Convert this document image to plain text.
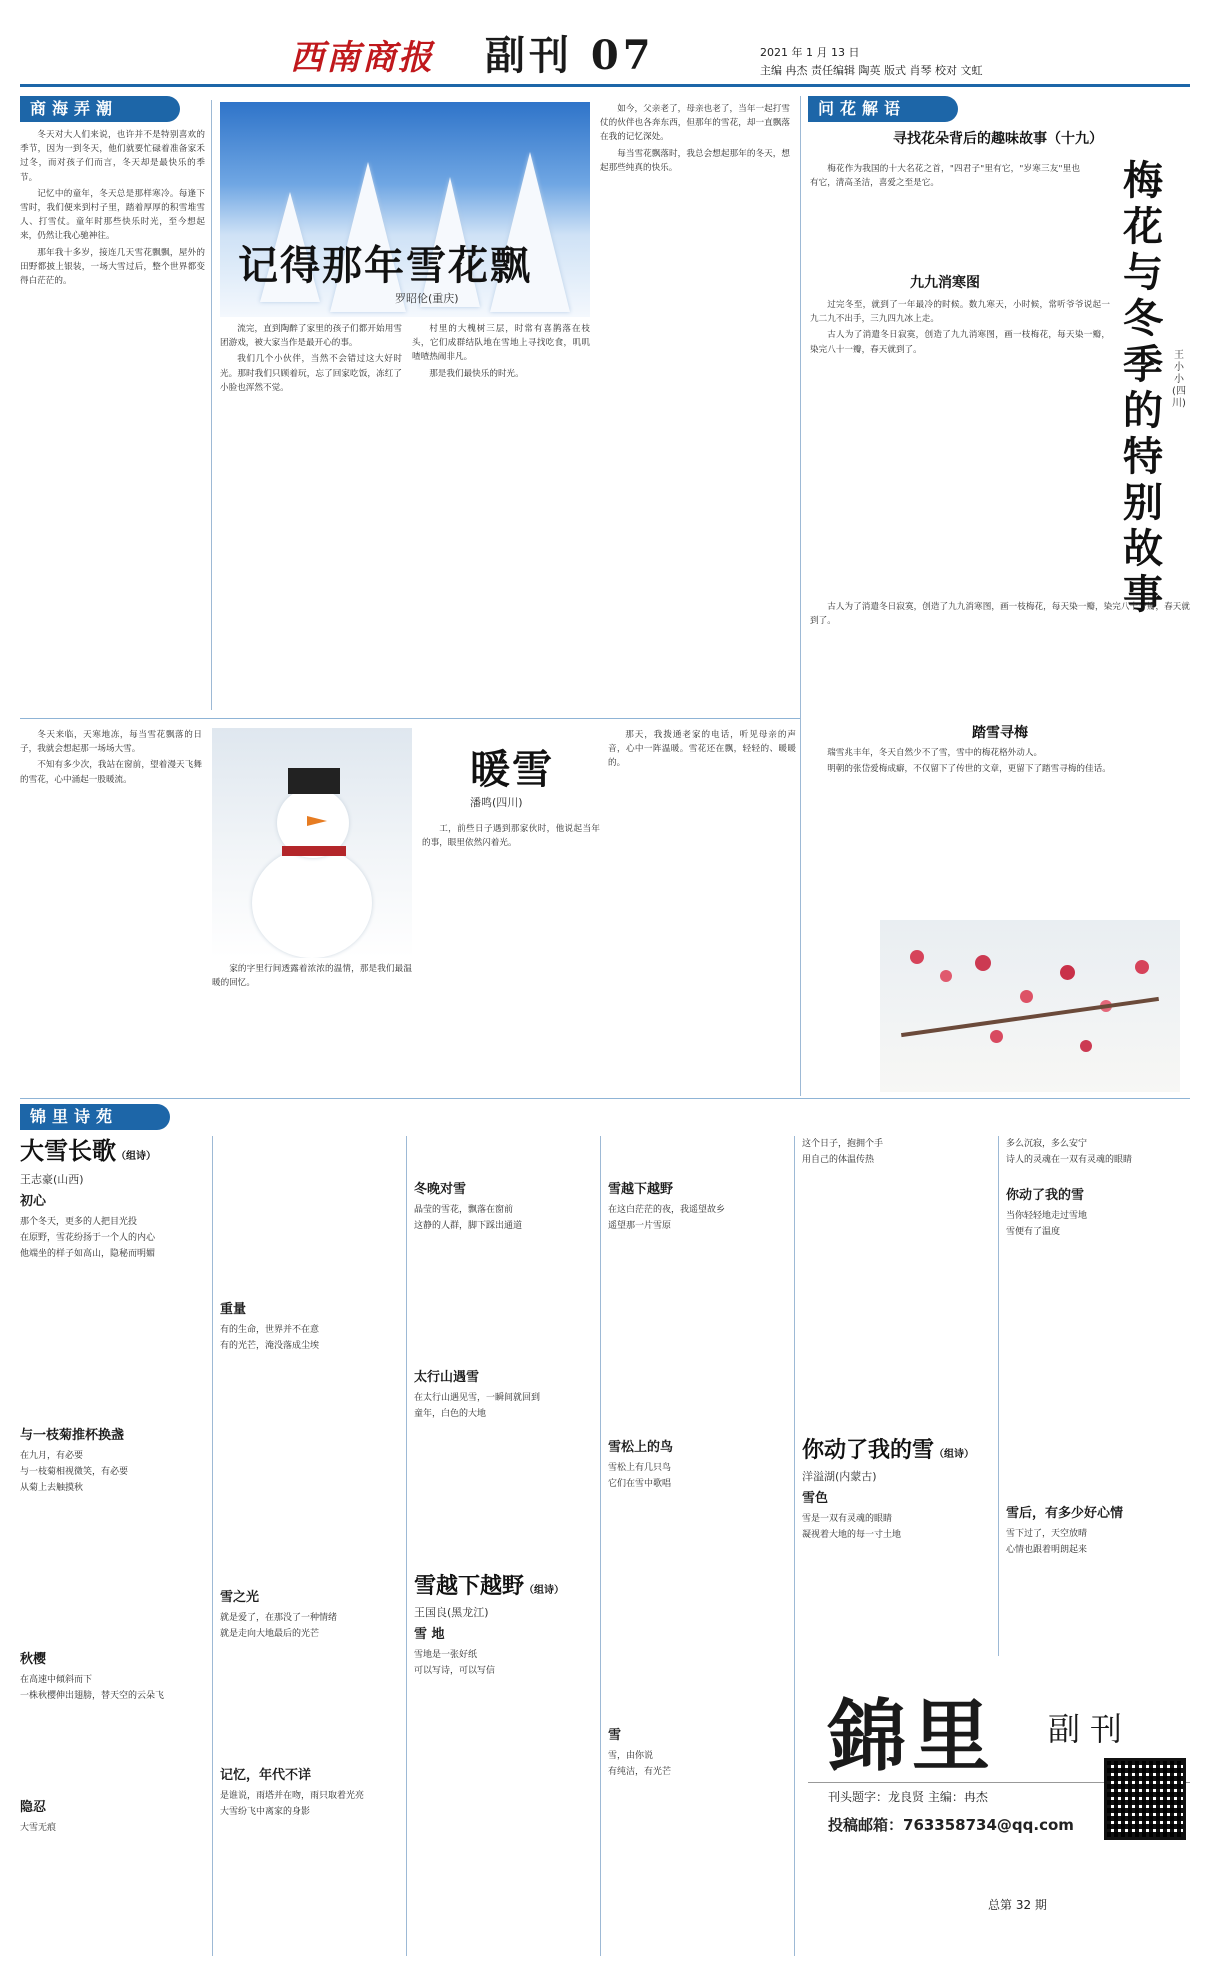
西南商报	副刊 07	2021 年 1 月 13 日
主编 冉杰 责任编辑 陶英 版式 肖琴 校对 文虹
商海弄潮
记得那年雪花飘
罗昭伦(重庆)

冬天对大人们来说，也许并不是特别喜欢的季节，因为一到冬天，他们就要忙碌着准备家禾过冬，而对孩子们而言，冬天却是最快乐的季节。

记忆中的童年，冬天总是那样寒冷。每逢下雪时，我们便来到村子里，踏着厚厚的积雪堆雪人、打雪仗。童年时那些快乐时光，至今想起来，仍然让我心驰神往。

那年我十多岁，接连几天雪花飘飘，屋外的田野都披上银装，一场大雪过后，整个世界都变得白茫茫的。

流完，直到陶醉了家里的孩子们都开始用雪团游戏，被大家当作是最开心的事。

我们几个小伙伴，当然不会错过这大好时光。那时我们只顾着玩，忘了回家吃饭，冻红了小脸也浑然不觉。

村里的大槐树三层，时常有喜鹊落在枝头，它们成群结队地在雪地上寻找吃食，叽叽喳喳热闹非凡。

那是我们最快乐的时光。

如今，父亲老了，母亲也老了，当年一起打雪仗的伙伴也各奔东西，但那年的雪花，却一直飘落在我的记忆深处。

每当雪花飘落时，我总会想起那年的冬天，想起那些纯真的快乐。

问花解语
寻找花朵背后的趣味故事（十九）

梅花作为我国的十大名花之首，"四君子"里有它，"岁寒三友"里也有它，清高圣洁，喜爱之至是它。	梅花与冬季的特别故事
王小小(四川)
九九消寒图

过完冬至，就到了一年最冷的时候。数九寒天，小时候，常听爷爷说起一九二九不出手，三九四九冰上走。

古人为了消遣冬日寂寞，创造了九九消寒图，画一枝梅花，每天染一瓣，染完八十一瓣，春天就到了。

古人为了消遣冬日寂寞，创造了九九消寒图，画一枝梅花，每天染一瓣，染完八十一瓣，春天就到了。

踏雪寻梅

瑞雪兆丰年，冬天自然少不了雪，雪中的梅花格外动人。

明朝的张岱爱梅成癖，不仅留下了传世的文章，更留下了踏雪寻梅的佳话。

冬天来临，天寒地冻，每当雪花飘落的日子，我就会想起那一场场大雪。

不知有多少次，我站在窗前，望着漫天飞舞的雪花，心中涌起一股暖流。

家的字里行间透露着浓浓的温情，那是我们最温暖的回忆。

暖雪
潘鸣(四川)

工，前些日子遇到那家伙时，他说起当年的事，眼里依然闪着光。

那天，我拨通老家的电话，听见母亲的声音，心中一阵温暖。雪花还在飘，轻轻的、暖暖的。

锦里诗苑
大雪长歌（组诗）
王志豪(山西)
初心
那个冬天，更多的人把目光投
在原野，雪花纷扬于一个人的内心
他端坐的样子如高山，隐秘而明媚
与一枝菊推杯换盏
在九月，有必要
与一枝菊相视微笑，有必要
从菊上去触摸秋
秋樱
在高速中傾斜而下
一株秋樱伸出翅膀，替天空的云朵飞
隐忍
大雪无痕
重量
有的生命，世界并不在意
有的光芒，淹没落成尘埃
雪之光
就是爱了，在那没了一种情绪
就是走向大地最后的光芒
记忆，年代不详
是谁说，雨塔并在吻，雨只取着光亮
大雪纷飞中离家的身影
冬晚对雪
晶莹的雪花，飘落在窗前
这静的人群，脚下踩出通道
太行山遇雪
在太行山遇见雪，一瞬间就回到
童年，白色的大地
雪越下越野（组诗）
王国良(黑龙江)
雪 地
雪地是一张好纸
可以写诗，可以写信
雪越下越野
在这白茫茫的夜，我遥望故乡
遥望那一片雪原
雪松上的鸟
雪松上有几只鸟
它们在雪中歌唱
雪
雪，由你说
有纯洁，有光芒
这个日子，抱拥个手
用自己的体温传热
你动了我的雪（组诗）
洋溢湖(内蒙古)
雪色
雪是一双有灵魂的眼睛
凝视着大地的每一寸土地
多么沉寂，多么安宁
诗人的灵魂在一双有灵魂的眼睛
你动了我的雪
当你轻轻地走过雪地
雪便有了温度
雪后，有多少好心情
雪下过了，天空放晴
心情也跟着明朗起来
錦里	副刊
刊头题字：龙良贤 主编：冉杰
投稿邮箱：763358734@qq.com
总第 32 期
